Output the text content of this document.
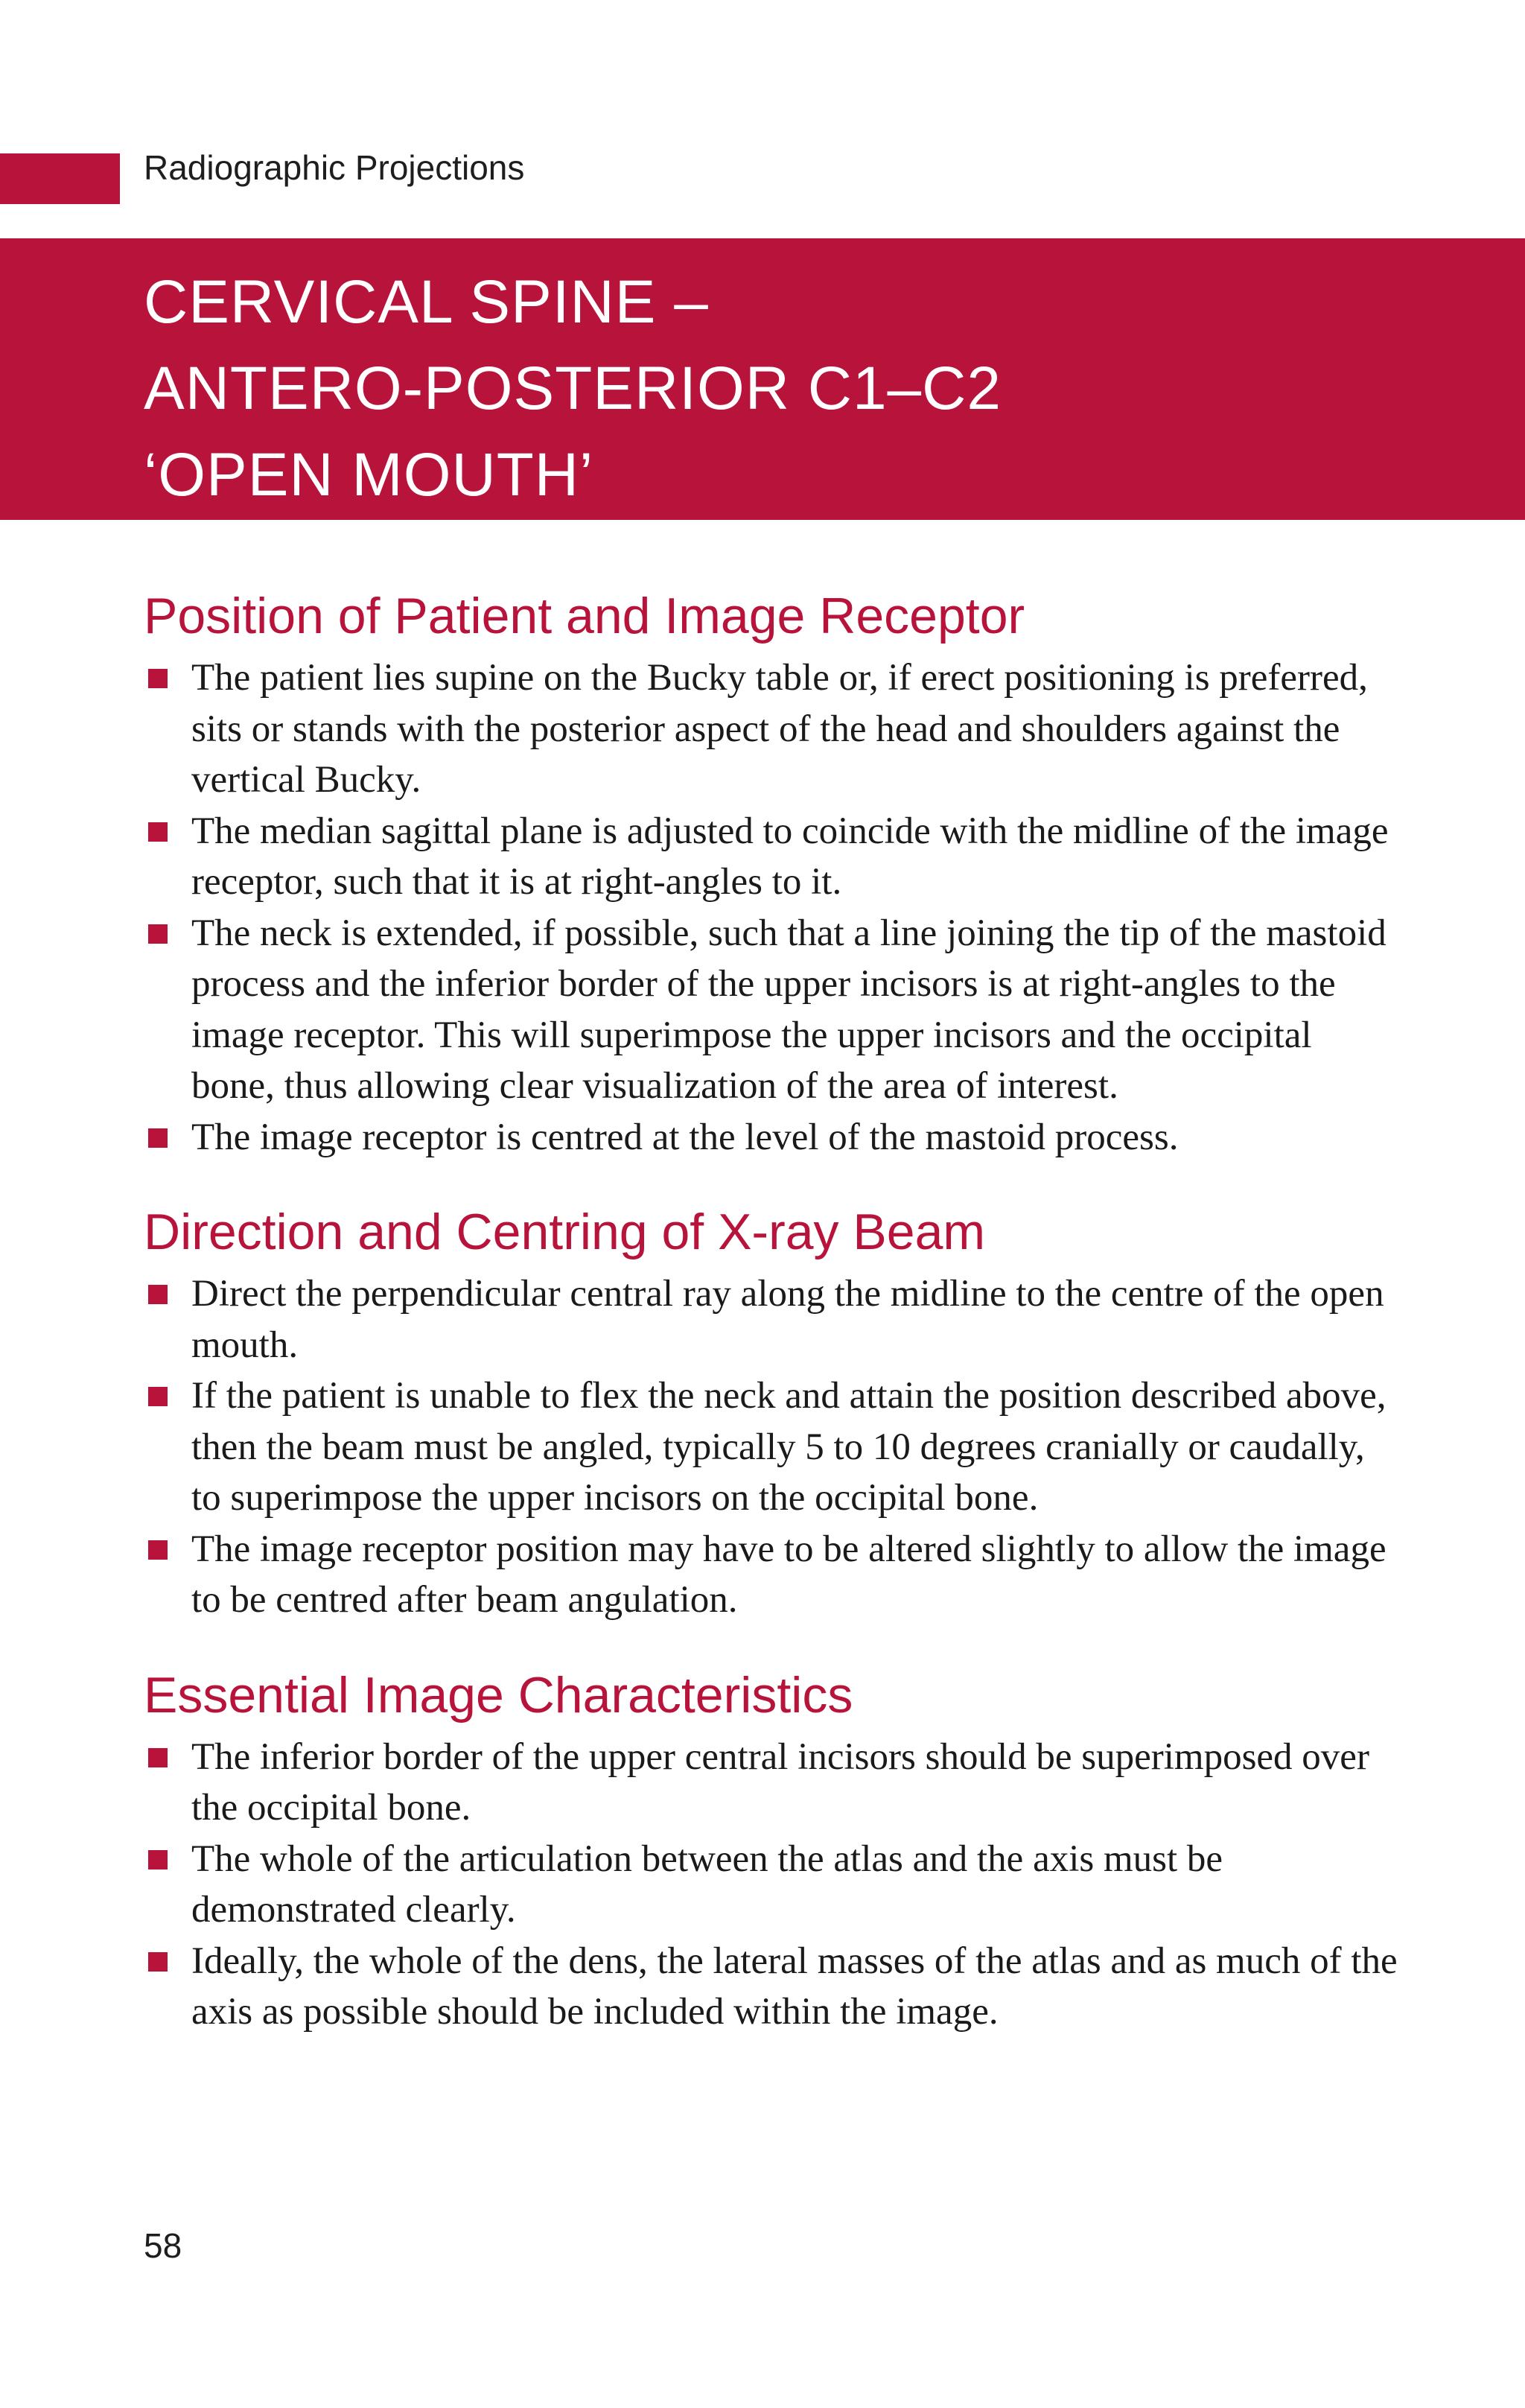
Radiographic Projections
CERVICAL SPINE –
ANTERO-POSTERIOR C1–C2
‘OPEN MOUTH’
Position of Patient and Image Receptor
The patient lies supine on the Bucky table or, if erect positioning is preferred, sits or stands with the posterior aspect of the head and shoulders against the vertical Bucky.
The median sagittal plane is adjusted to coincide with the midline of the image receptor, such that it is at right-angles to it.
The neck is extended, if possible, such that a line joining the tip of the mastoid process and the inferior border of the upper incisors is at right-angles to the image receptor. This will superimpose the upper incisors and the occipital bone, thus allowing clear visualization of the area of interest.
The image receptor is centred at the level of the mastoid process.
Direction and Centring of X-ray Beam
Direct the perpendicular central ray along the midline to the centre of the open mouth.
If the patient is unable to flex the neck and attain the position described above, then the beam must be angled, typically 5 to 10 degrees cranially or caudally, to superimpose the upper incisors on the occipital bone.
The image receptor position may have to be altered slightly to allow the image to be centred after beam angulation.
Essential Image Characteristics
The inferior border of the upper central incisors should be superimposed over the occipital bone.
The whole of the articulation between the atlas and the axis must be demonstrated clearly.
Ideally, the whole of the dens, the lateral masses of the atlas and as much of the axis as possible should be included within the image.
58
